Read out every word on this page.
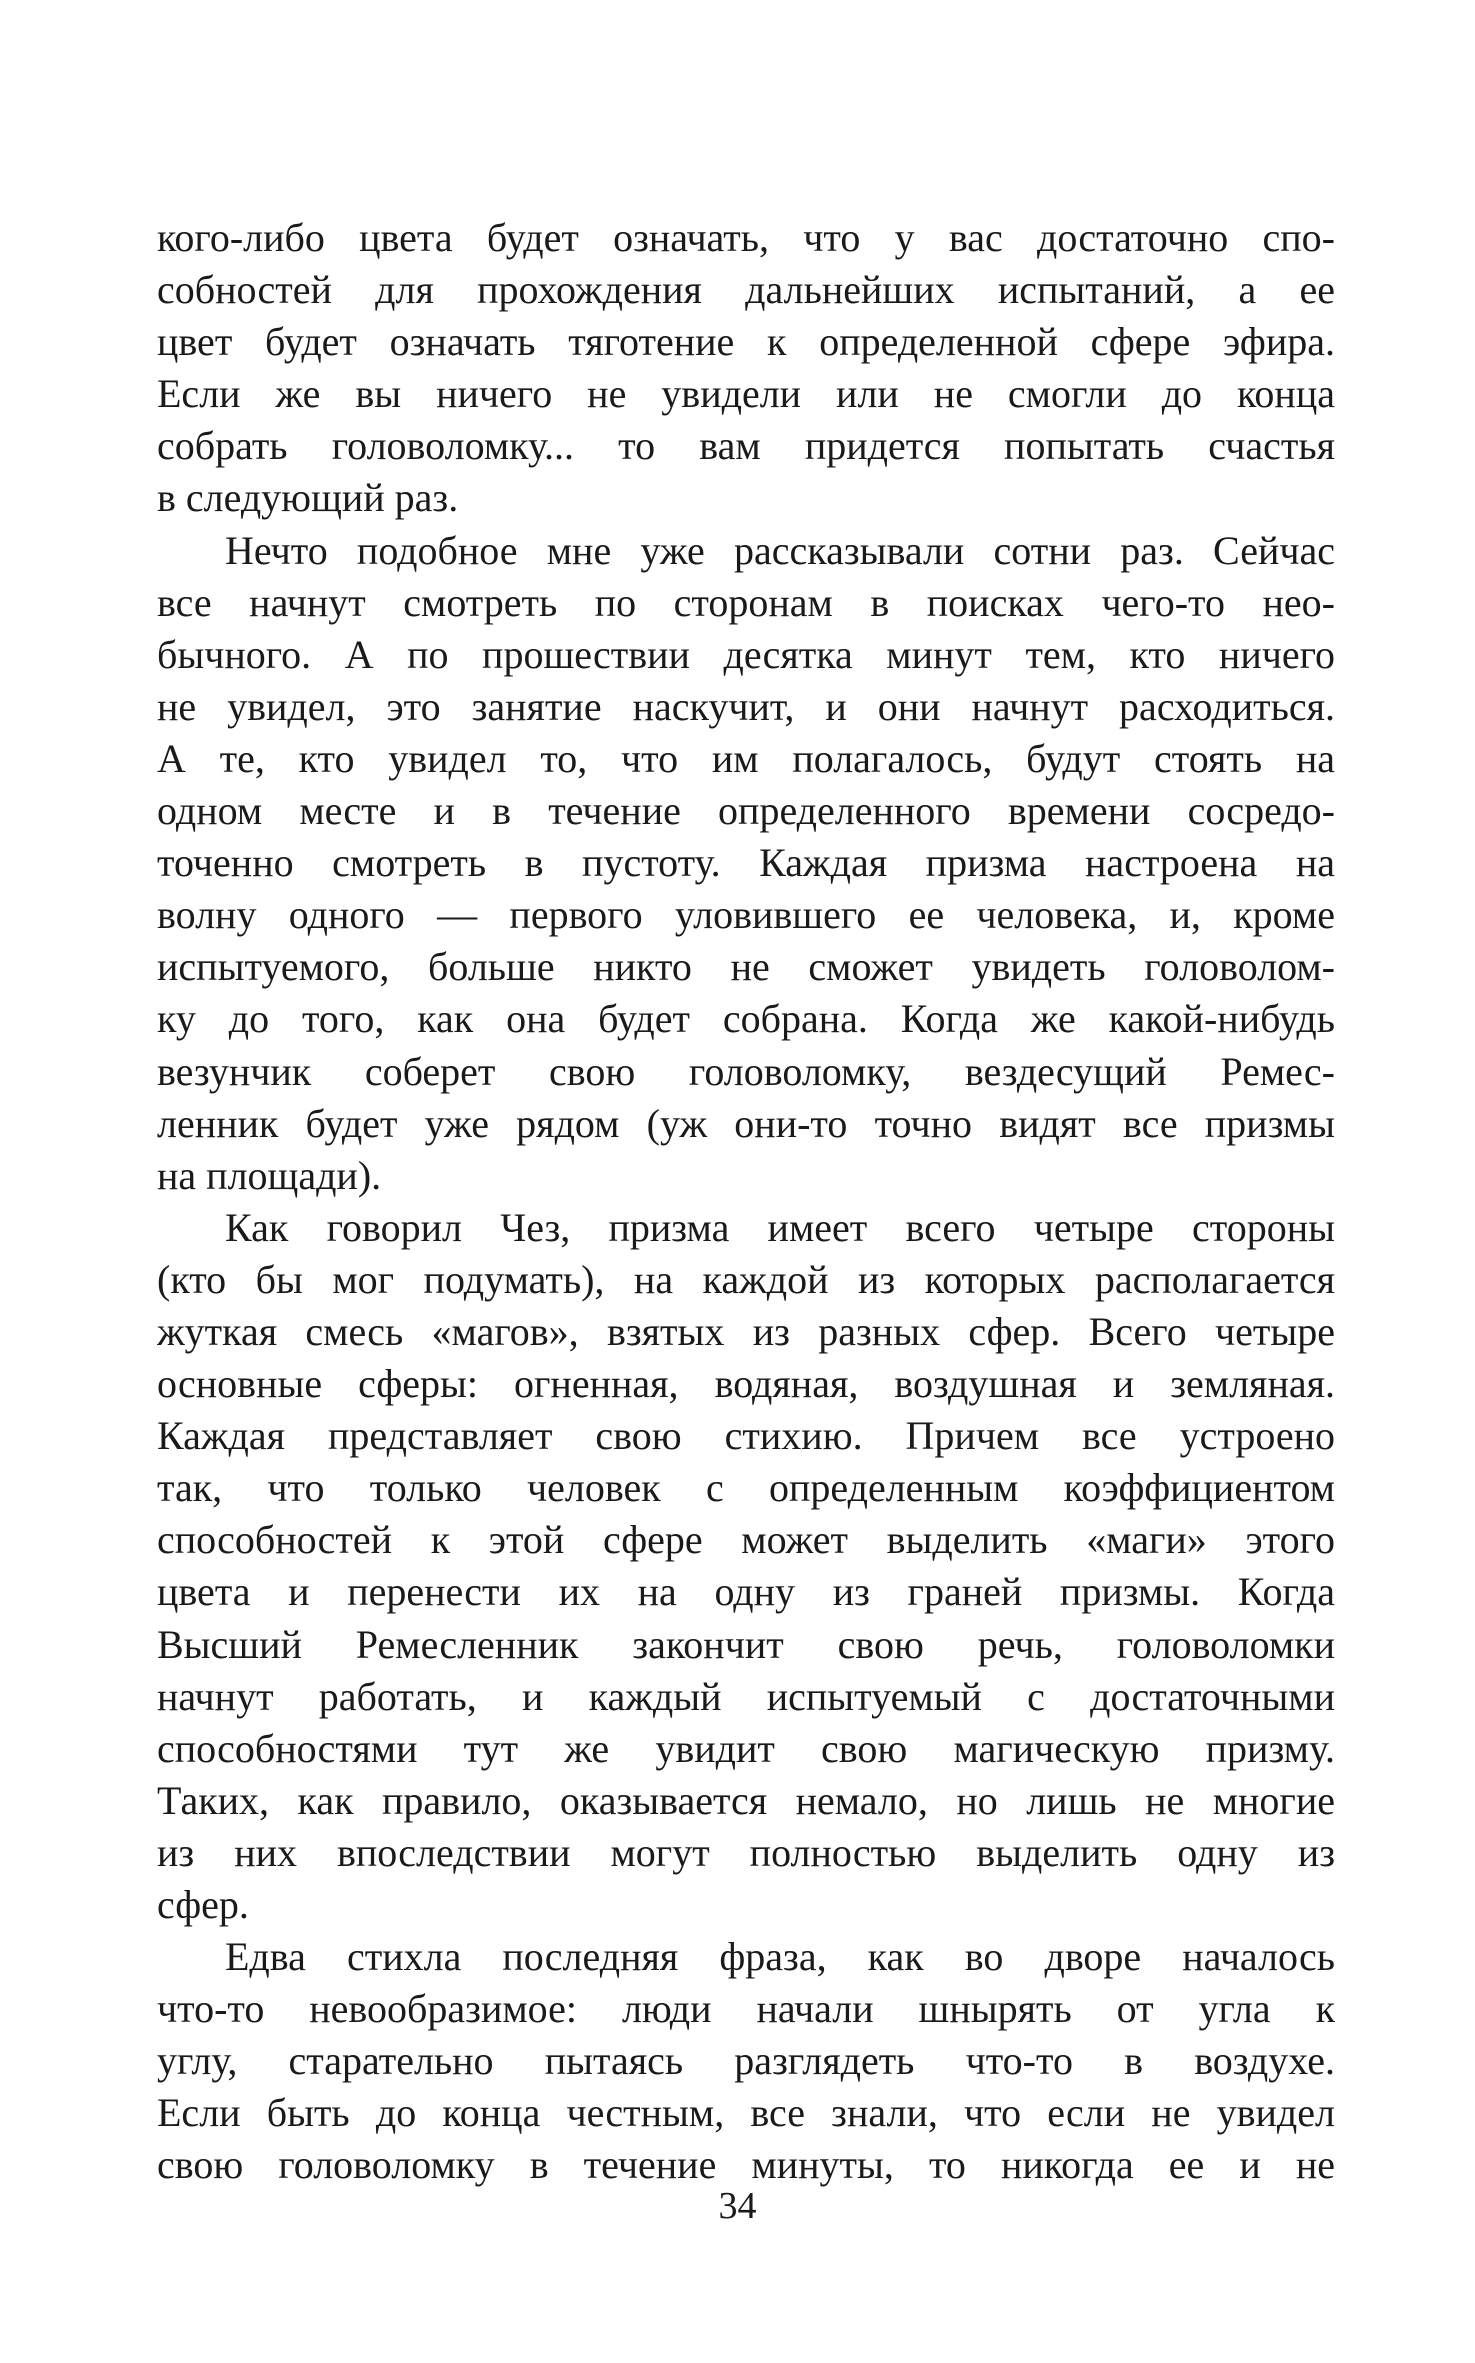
кого-либо цвета будет означать, что у вас достаточно спо-
собностей для прохождения дальнейших испытаний, а ее
цвет будет означать тяготение к определенной сфере эфира.
Если же вы ничего не увидели или не смогли до конца
собрать головоломку... то вам придется попытать счастья
в следующий раз.
Нечто подобное мне уже рассказывали сотни раз. Сейчас
все начнут смотреть по сторонам в поисках чего-то нео-
бычного. А по прошествии десятка минут тем, кто ничего
не увидел, это занятие наскучит, и они начнут расходиться.
А те, кто увидел то, что им полагалось, будут стоять на
одном месте и в течение определенного времени сосредо-
точенно смотреть в пустоту. Каждая призма настроена на
волну одного — первого уловившего ее человека, и, кроме
испытуемого, больше никто не сможет увидеть головолом-
ку до того, как она будет собрана. Когда же какой-нибудь
везунчик соберет свою головоломку, вездесущий Ремес-
ленник будет уже рядом (уж они-то точно видят все призмы
на площади).
Как говорил Чез, призма имеет всего четыре стороны
(кто бы мог подумать), на каждой из которых располагается
жуткая смесь «магов», взятых из разных сфер. Всего четыре
основные сферы: огненная, водяная, воздушная и земляная.
Каждая представляет свою стихию. Причем все устроено
так, что только человек с определенным коэффициентом
способностей к этой сфере может выделить «маги» этого
цвета и перенести их на одну из граней призмы. Когда
Высший Ремесленник закончит свою речь, головоломки
начнут работать, и каждый испытуемый с достаточными
способностями тут же увидит свою магическую призму.
Таких, как правило, оказывается немало, но лишь не многие
из них впоследствии могут полностью выделить одну из
сфер.
Едва стихла последняя фраза, как во дворе началось
что-то невообразимое: люди начали шнырять от угла к
углу, старательно пытаясь разглядеть что-то в воздухе.
Если быть до конца честным, все знали, что если не увидел
свою головоломку в течение минуты, то никогда ее и не
34
